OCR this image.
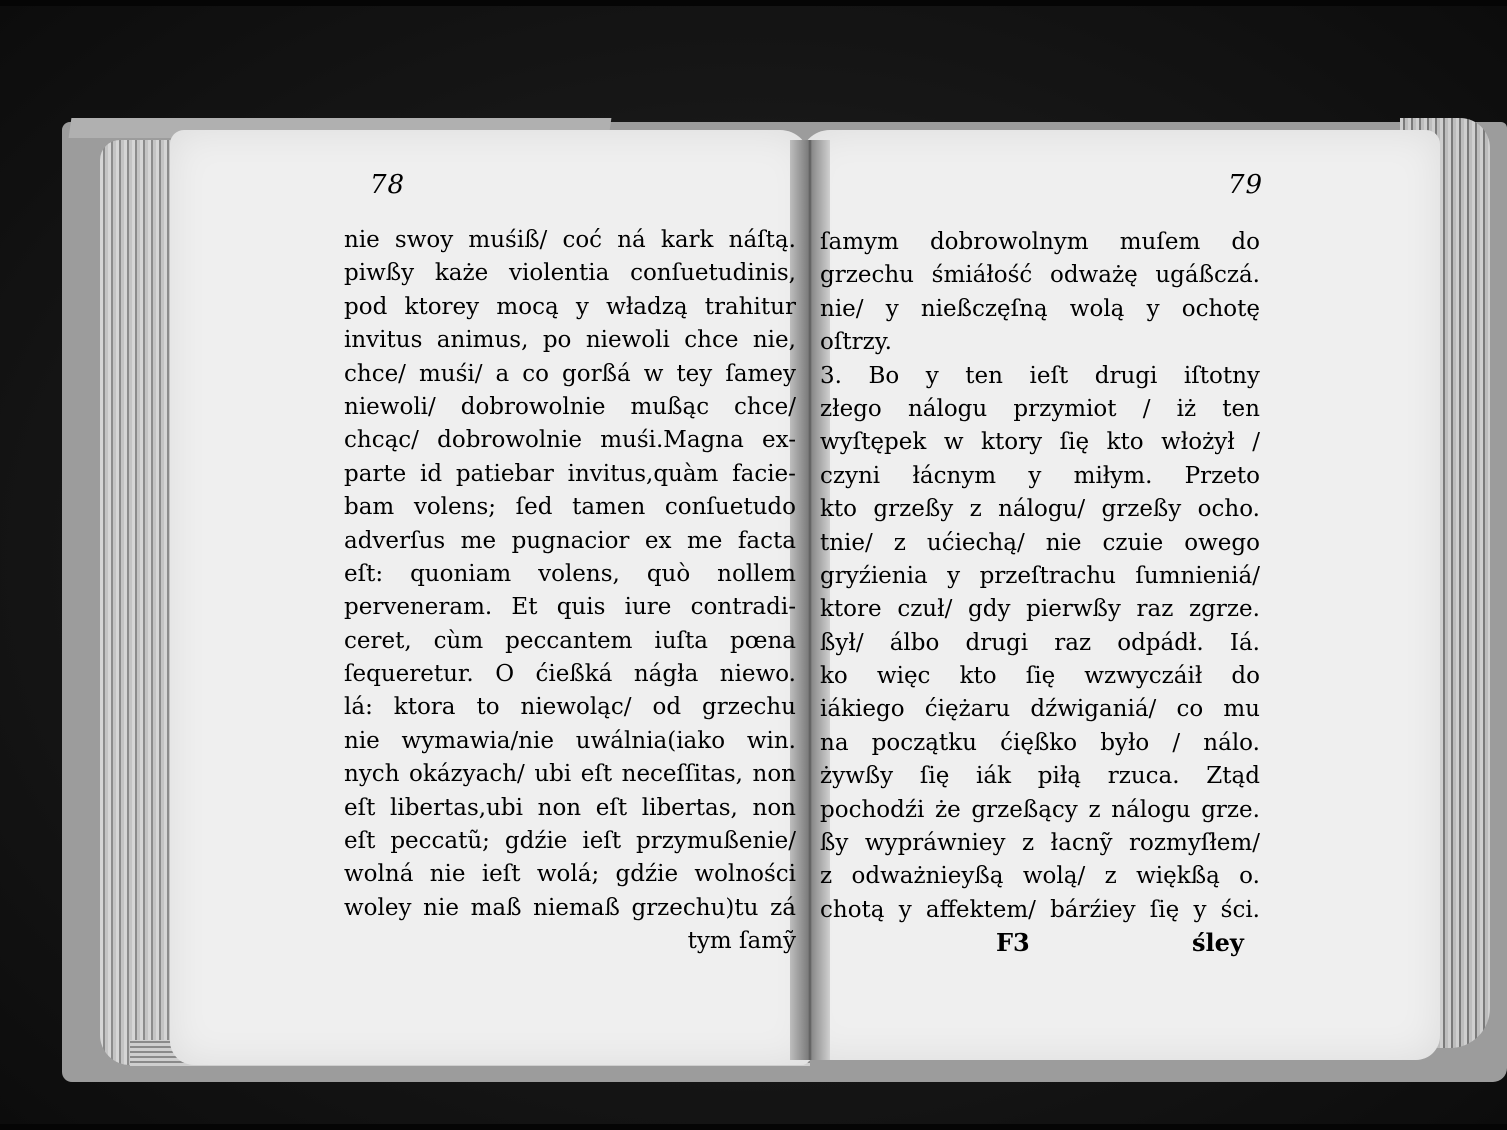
78	79
nie swoy muśiß/ coć ná kark náſtą.
piwßy każe violentia conſuetudinis,
pod ktorey mocą y władzą trahitur
invitus animus, po niewoli chce nie,
chce/ muśi/ a co gorßá w tey ſamey
niewoli/ dobrowolnie mußąc chce/
chcąc/ dobrowolnie muśi.Magna ex-
parte id patiebar invitus,quàm facie-
bam volens; ſed tamen conſuetudo
adverſus me pugnacior ex me facta
eſt: quoniam volens, quò nollem
perveneram. Et quis iure contradi-
ceret, cùm peccantem iuſta pœna
ſequeretur. O ćießká nágła niewo.
lá: ktora to niewoląc/ od grzechu
nie wymawia/nie uwálnia(iako win.
nych okázyach/ ubi eſt neceſſitas, non
eſt libertas,ubi non eſt libertas, non
eſt peccatũ; gdźie ieſt przymußenie/
wolná nie ieſt wolá; gdźie wolności
woley nie maß niemaß grzechu)tu zá
tym ſamỹ
ſamym dobrowolnym muſem do
grzechu śmiáłość odważę ugáßczá.
nie/ y nießczęſną wolą y ochotę
oſtrzy.
3. Bo y ten ieſt drugi iſtotny
złego nálogu przymiot / iż ten
wyſtępek w ktory ſię kto włożył /
czyni łácnym y miłym. Przeto
kto grzeßy z nálogu/ grzeßy ocho.
tnie/ z ućiechą/ nie czuie owego
gryźienia y przeſtrachu ſumnieniá/
ktore czuł/ gdy pierwßy raz zgrze.
ßył/ álbo drugi raz odpádł. Iá.
ko więc kto ſię wzwyczáił do
iákiego ćiężaru dźwiganiá/ co mu
na początku ćięßko było / nálo.
żywßy ſię iák piłą rzuca. Ztąd
pochodźi że grzeßący z nálogu grze.
ßy wypráwniey z łacnỹ rozmyſłem/
z odważnieyßą wolą/ z więkßą o.
chotą y affektem/ bárźiey ſię y ści.
F3	śley
